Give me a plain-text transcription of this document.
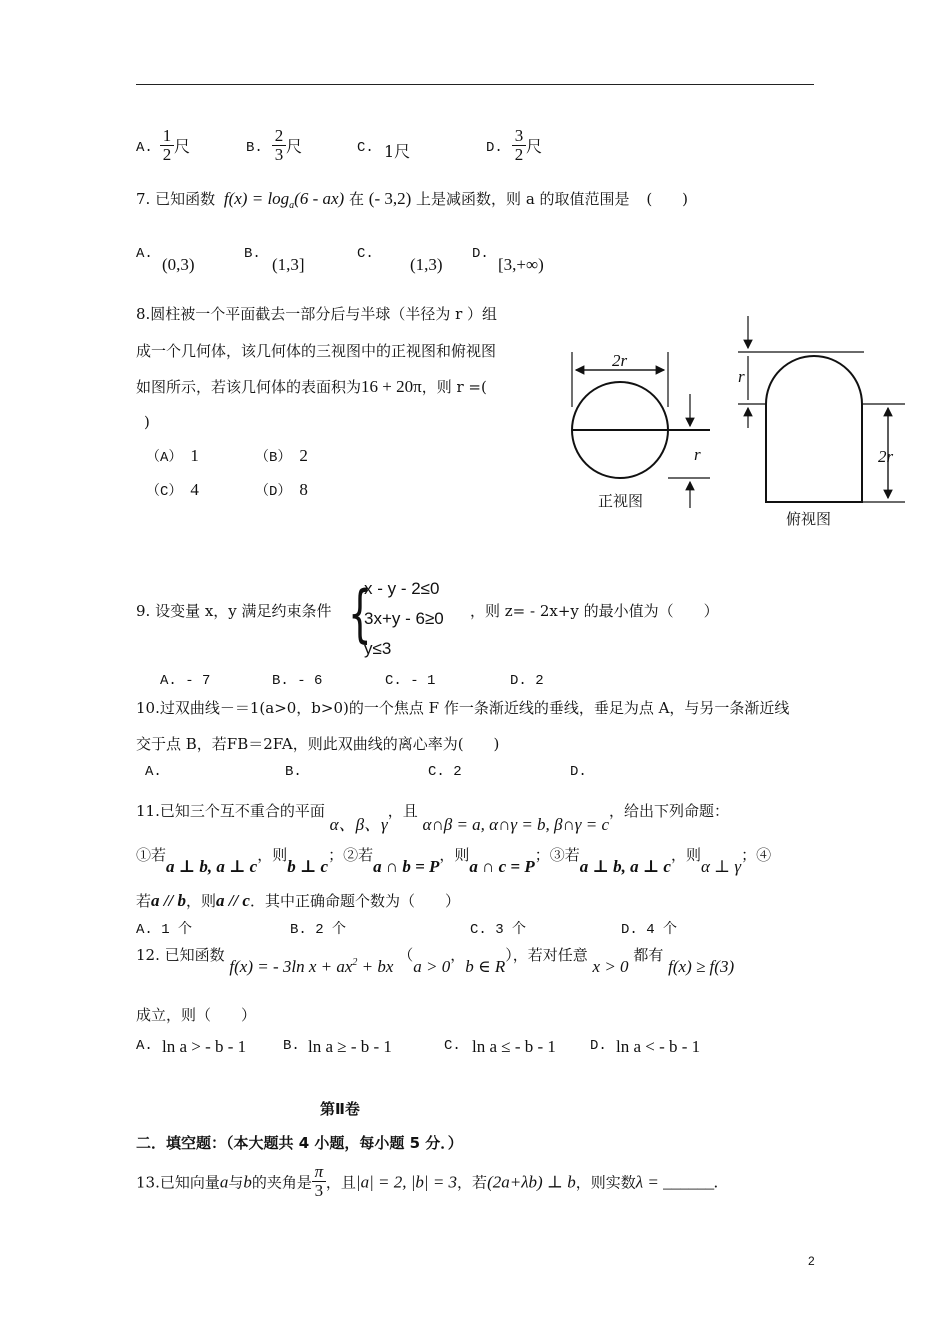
A. $\frac{1}{2}$ 尺	B. $\frac{2}{3}$ 尺	C. 1尺	D. $\frac{3}{2}$ 尺
7. 已知函数 $f(x) = \log_a(6 - ax)$ 在 (- 3,2) 上是减函数，则 a 的取值范围是 (　　)
A.
(0,3)
B.
(1,3]
C.
(1,3)
D.
[3,+∞)
8.圆柱被一个平面截去一部分后与半球（半径为 r ）组
成一个几何体，该几何体的三视图中的正视图和俯视图
如图所示，若该几何体的表面积为16 + 20π，则 r =(
)
（A） 1	（B） 2
（C） 4	（D） 8
2r
r
正视图
r
2r
俯视图
9. 设变量 x，y 满足约束条件 {
x - y - 2≤0
3x+y - 6≥0
y≤3
，则 z= - 2x+y 的最小值为（　　）
A. - 7	B. - 6	C. - 1	D. 2
10.过双曲线－＝1(a>0，b>0)的一个焦点 F 作一条渐近线的垂线，垂足为点 A，与另一条渐近线
交于点 B，若FB＝2FA，则此双曲线的离心率为(　　)
A.	B.	C. 2	D.
11.已知三个互不重合的平面 α、β、γ，且 α∩β = a, α∩γ = b, β∩γ = c，给出下列命题：
①若a ⊥ b, a ⊥ c，则b ⊥ c；②若a ∩ b = P，则a ∩ c = P；③若a ⊥ b, a ⊥ c，则α ⊥ γ；④
若a // b，则a // c．其中正确命题个数为（　　）
A. 1 个	B. 2 个	C. 3 个	D. 4 个
12. 已知函数 f(x) = - 3ln $x + ax^2$ + bx （a > 0，b ∈ R），若对任意 x > 0 都有 f(x) ≥ f(3)
成立，则（　　）
A. ln a > - b - 1	B. ln a ≥ - b - 1	C. ln a ≤ - b - 1 D. ln a < - b - 1
第Ⅱ卷
二．填空题：（本大题共 4 小题，每小题 5 分．）
13.已知向量a与b的夹角是 $\frac{\pi}{3}$ ，且|a| = 2, |b| = 3，若(2a+λb) ⊥ b，则实数λ = ______.
2
